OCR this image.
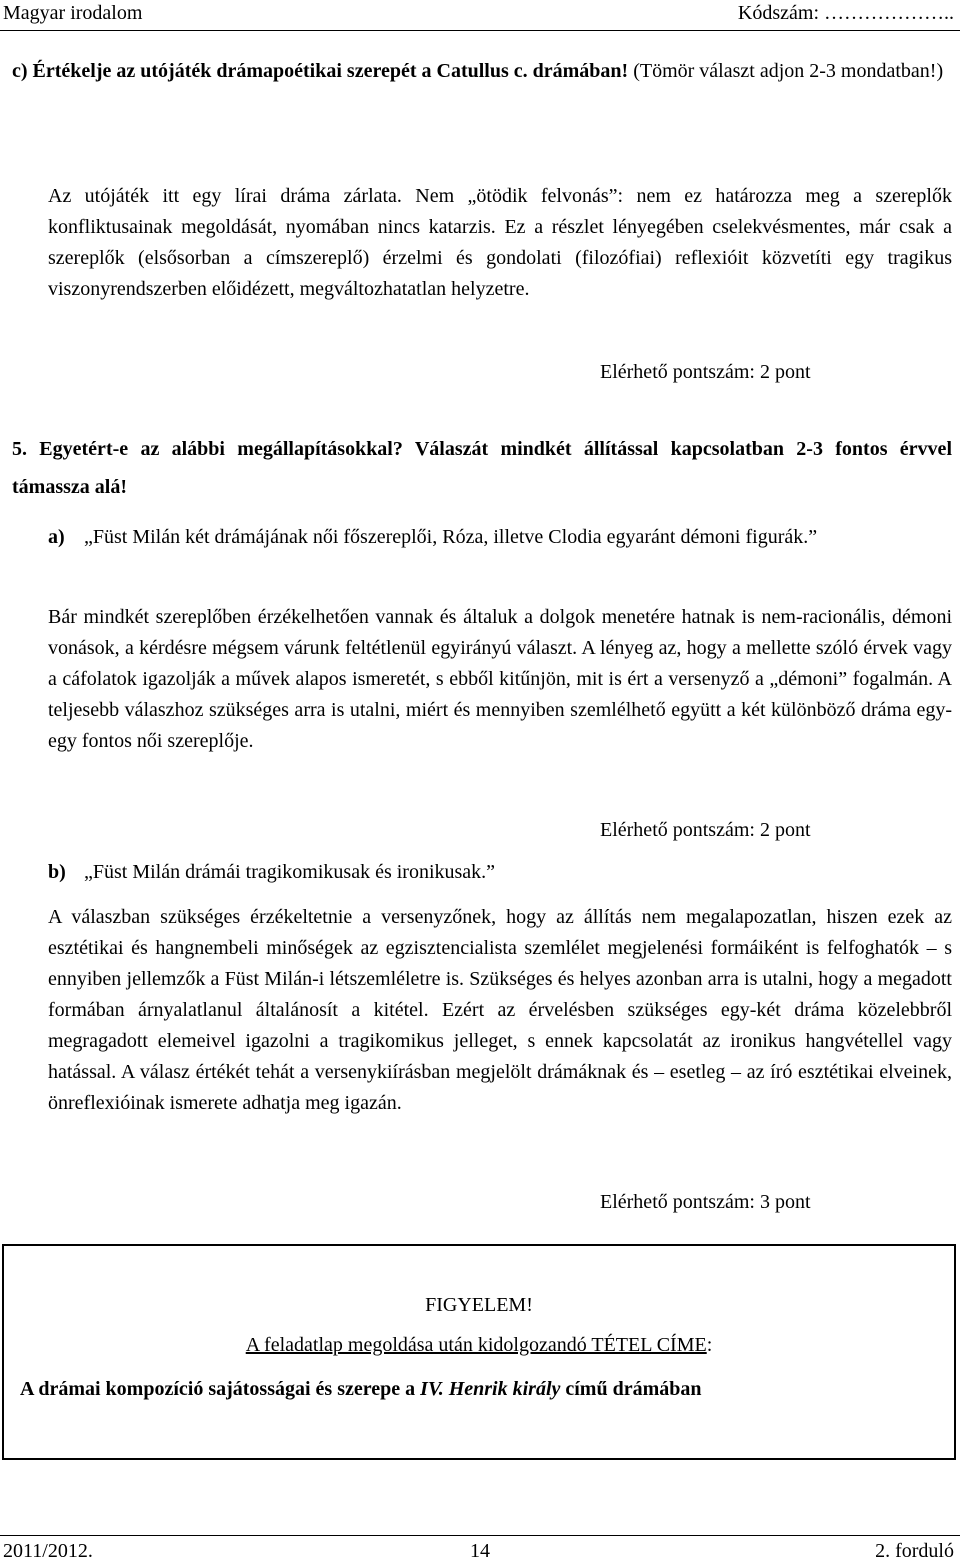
Magyar irodalom	Kódszám: ………………..
c) Értékelje az utójáték drámapoétikai szerepét a Catullus c. drámában! (Tömör választ adjon 2-3 mondatban!)

Az utójáték itt egy lírai dráma zárlata. Nem „ötödik felvonás”: nem ez határozza meg a szereplők konfliktusainak megoldását, nyomában nincs katarzis. Ez a részlet lényegében cselekvésmentes, már csak a szereplők (elsősorban a címszereplő) érzelmi és gondolati (filozófiai) reflexióit közvetíti egy tragikus viszonyrendszerben előidézett, megváltozhatatlan helyzetre.

Elérhető pontszám: 2 pont
5. Egyetért-e az alábbi megállapításokkal? Válaszát mindkét állítással kapcsolatban 2-3 fontos érvvel támassza alá!
a) „Füst Milán két drámájának női főszereplői, Róza, illetve Clodia egyaránt démoni figurák.”

Bár mindkét szereplőben érzékelhetően vannak és általuk a dolgok menetére hatnak is nem-racionális, démoni vonások, a kérdésre mégsem várunk feltétlenül egyirányú választ. A lényeg az, hogy a mellette szóló érvek vagy a cáfolatok igazolják a művek alapos ismeretét, s ebből kitűnjön, mit is ért a versenyző a „démoni” fogalmán. A teljesebb válaszhoz szükséges arra is utalni, miért és mennyiben szemlélhető együtt a két különböző dráma egy-egy fontos női szereplője.

Elérhető pontszám: 2 pont
b) „Füst Milán drámái tragikomikusak és ironikusak.”

A válaszban szükséges érzékeltetnie a versenyzőnek, hogy az állítás nem megalapozatlan, hiszen ezek az esztétikai és hangnembeli minőségek az egzisztencialista szemlélet megjelenési formáiként is felfoghatók – s ennyiben jellemzők a Füst Milán-i létszemléletre is. Szükséges és helyes azonban arra is utalni, hogy a megadott formában árnyalatlanul általánosít a kitétel. Ezért az érvelésben szükséges egy-két dráma közelebbről megragadott elemeivel igazolni a tragikomikus jelleget, s ennek kapcsolatát az ironikus hangvétellel vagy hatással. A válasz értékét tehát a versenykiírásban megjelölt drámáknak és – esetleg – az író esztétikai elveinek, önreflexióinak ismerete adhatja meg igazán.

Elérhető pontszám: 3 pont
FIGYELEM!
A feladatlap megoldása után kidolgozandó TÉTEL CÍME:
A drámai kompozíció sajátosságai és szerepe a IV. Henrik király című drámában
2011/2012.	14	2. forduló
